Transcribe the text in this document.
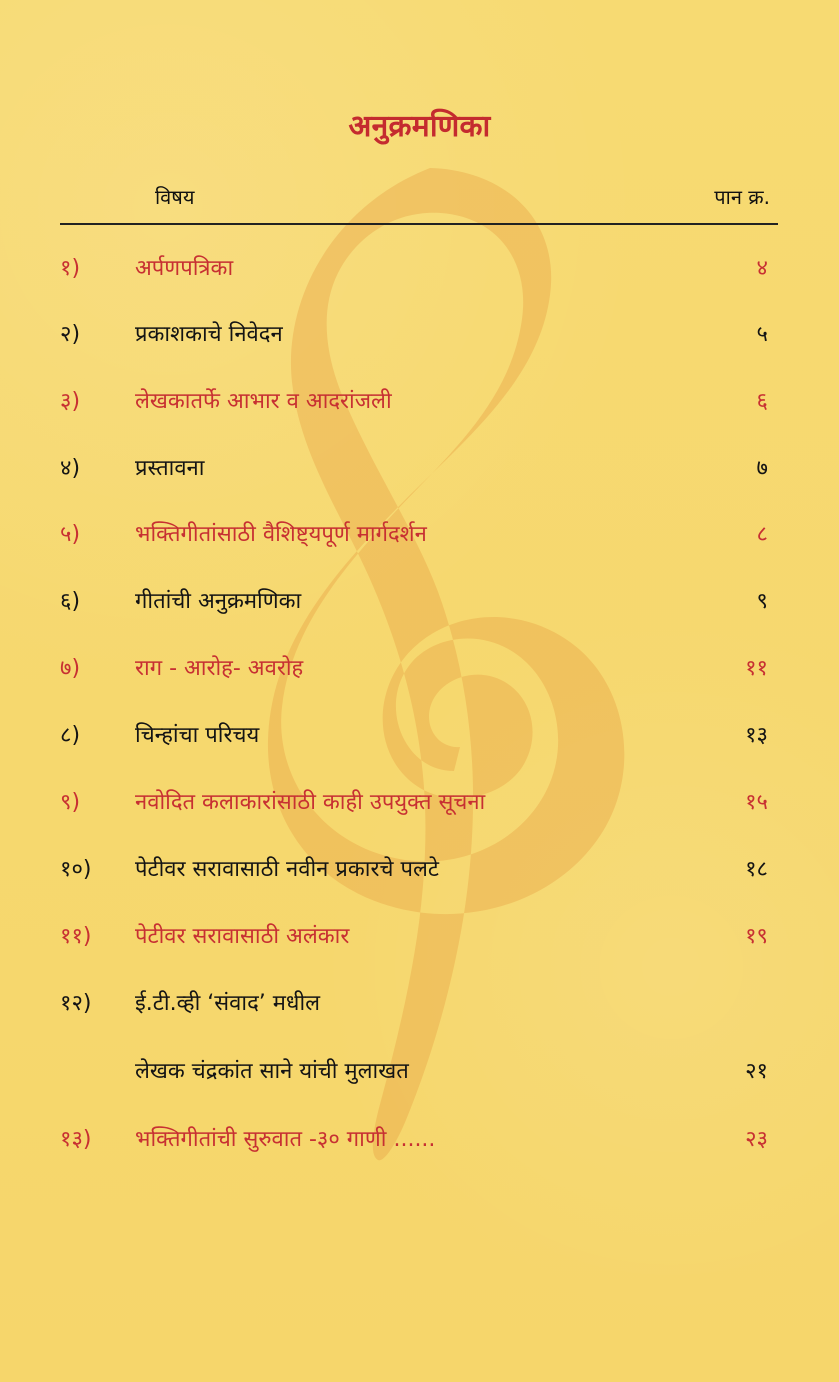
अनुक्रमणिका
विषय	पान क्र.
१)	अर्पणपत्रिका	४
२)	प्रकाशकाचे निवेदन	५
३)	लेखकातर्फे आभार व आदरांजली	६
४)	प्रस्तावना	७
५)	भक्तिगीतांसाठी वैशिष्ट्यपूर्ण मार्गदर्शन	८
६)	गीतांची अनुक्रमणिका	९
७)	राग - आरोह- अवरोह	११
८)	चिन्हांचा परिचय	१३
९)	नवोदित कलाकारांसाठी काही उपयुक्त सूचना	१५
१०)	पेटीवर सरावासाठी नवीन प्रकारचे पलटे	१८
११)	पेटीवर सरावासाठी अलंकार	१९
१२)	ई.टी.व्ही ‘संवाद’ मधील
लेखक चंद्रकांत साने यांची मुलाखत	२१
१३)	भक्तिगीतांची सुरुवात -३० गाणी ......	२३
